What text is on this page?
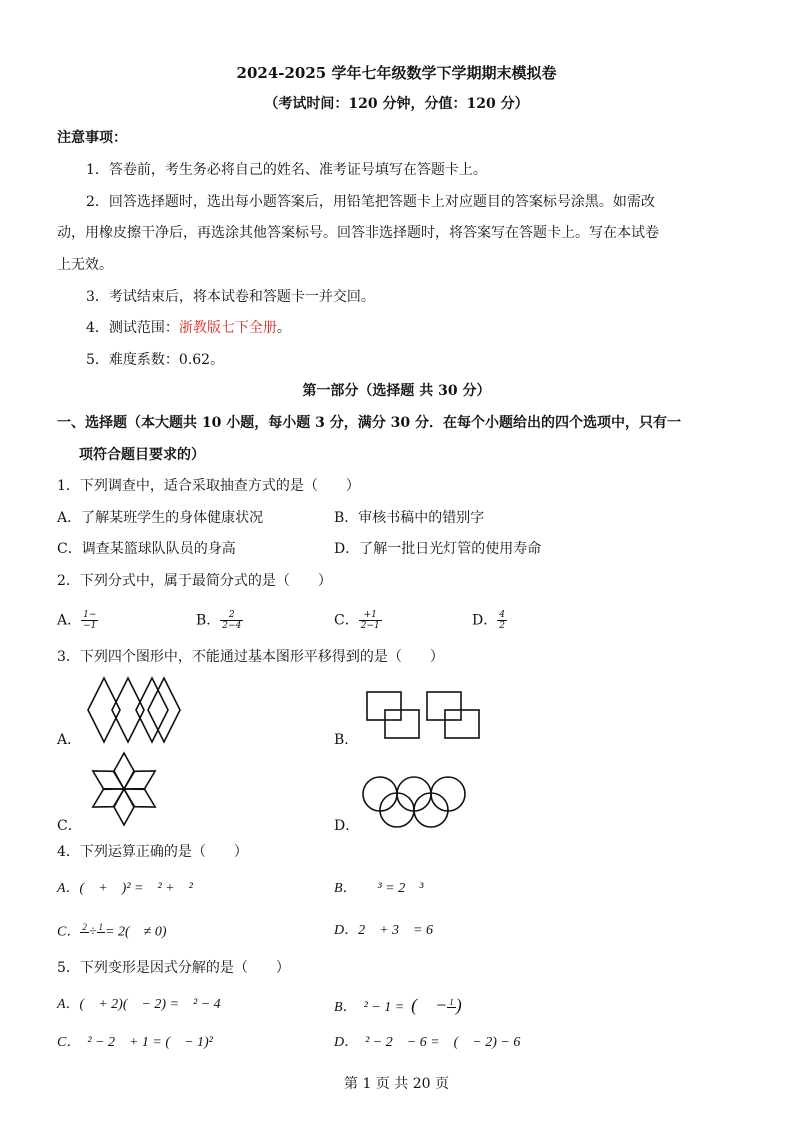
2024-2025 学年七年级数学下学期期末模拟卷
（考试时间：120 分钟，分值：120 分）
注意事项：
1．答卷前，考生务必将自己的姓名、准考证号填写在答题卡上。
2．回答选择题时，选出每小题答案后，用铅笔把答题卡上对应题目的答案标号涂黑。如需改
动，用橡皮擦干净后，再选涂其他答案标号。回答非选择题时，将答案写在答题卡上。写在本试卷
上无效。
3．考试结束后，将本试卷和答题卡一并交回。
4．测试范围：浙教版七下全册。
5．难度系数：0.62。
第一部分（选择题 共 30 分）
一、选择题（本大题共 10 小题，每小题 3 分，满分 30 分．在每个小题给出的四个选项中，只有一
项符合题目要求的）
1．下列调查中，适合采取抽查方式的是（　　）
A．了解某班学生的身体健康状况	B．审核书稿中的错别字
C．调查某篮球队队员的身高	D．了解一批日光灯管的使用寿命
2．下列分式中，属于最简分式的是（　　）
A． $\frac{1-}{-1}$	B． $\frac{2}{2-4}$	C． $\frac{+1}{2-1}$	D． $\frac{4}{2}$
3．下列四个图形中，不能通过基本图形平移得到的是（　　）
A．	B．
C．	D．
4．下列运算正确的是（　　）
A．(　+　)² =　² +　²	B．　　³ = 2　³
C． 2
÷ 1
= 2(　≠ 0)	D．2　+ 3　= 6
5．下列变形是因式分解的是（　　）
A．(　+ 2)(　− 2) =　² − 4	B． ² − 1 = (　− 1
)
C．　² − 2　+ 1 = (　− 1)²	D．　² − 2　− 6 =　(　− 2) − 6
第 1 页 共 20 页
